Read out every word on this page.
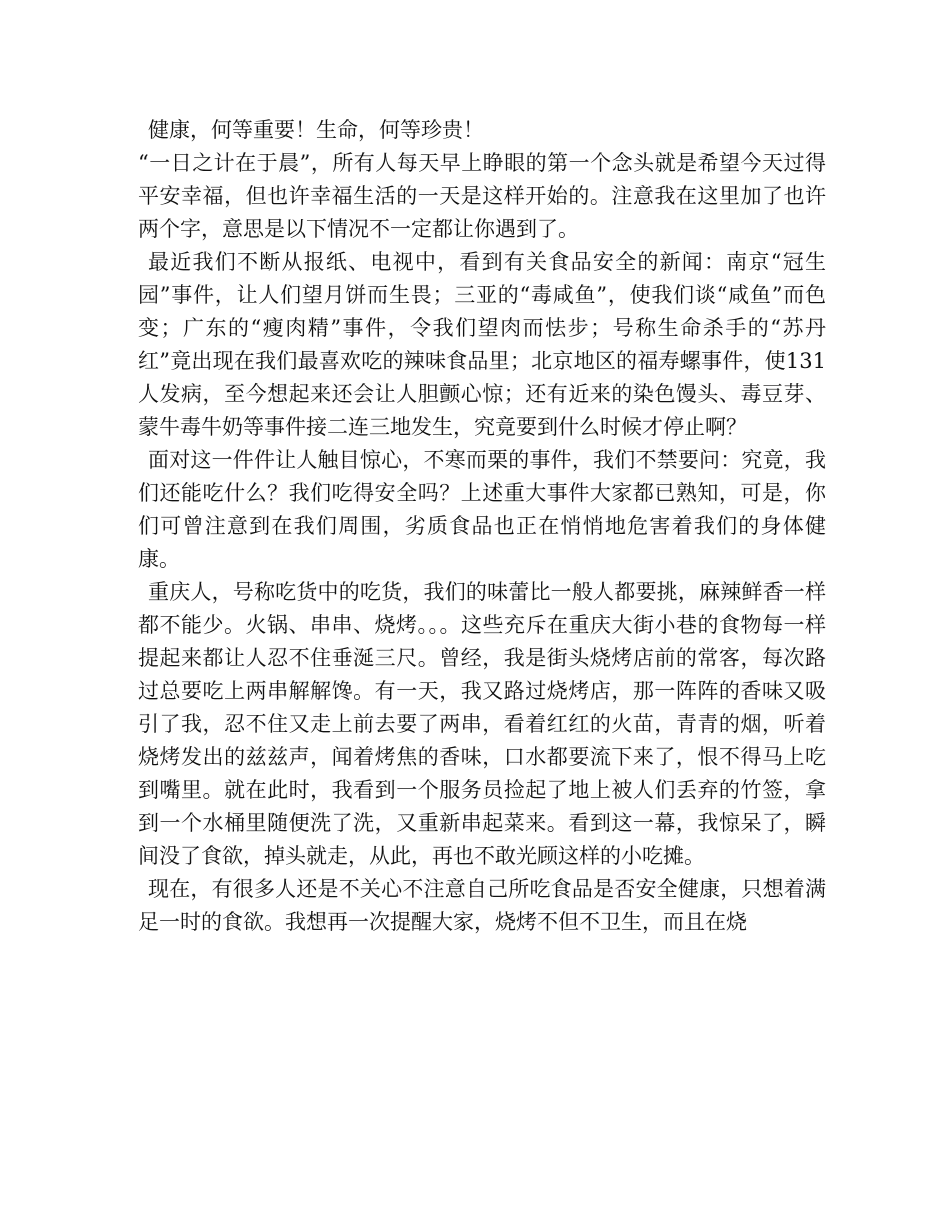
健康，何等重要！生命，何等珍贵！

“一日之计在于晨”，所有人每天早上睁眼的第一个念头就是希望今天过得平安幸福，但也许幸福生活的一天是这样开始的。注意我在这里加了也许两个字，意思是以下情况不一定都让你遇到了。

最近我们不断从报纸、电视中，看到有关食品安全的新闻：南京“冠生园”事件，让人们望月饼而生畏；三亚的“毒咸鱼”，使我们谈“咸鱼”而色变；广东的“瘦肉精”事件，令我们望肉而怯步；号称生命杀手的“苏丹红”竟出现在我们最喜欢吃的辣味食品里；北京地区的福寿螺事件，使131人发病，至今想起来还会让人胆颤心惊；还有近来的染色馒头、毒豆芽、蒙牛毒牛奶等事件接二连三地发生，究竟要到什么时候才停止啊？

面对这一件件让人触目惊心，不寒而栗的事件，我们不禁要问：究竟，我们还能吃什么？我们吃得安全吗？上述重大事件大家都已熟知，可是，你们可曾注意到在我们周围，劣质食品也正在悄悄地危害着我们的身体健康。

重庆人，号称吃货中的吃货，我们的味蕾比一般人都要挑，麻辣鲜香一样都不能少。火锅、串串、烧烤。。。这些充斥在重庆大街小巷的食物每一样提起来都让人忍不住垂涎三尺。曾经，我是街头烧烤店前的常客，每次路过总要吃上两串解解馋。有一天，我又路过烧烤店，那一阵阵的香味又吸引了我，忍不住又走上前去要了两串，看着红红的火苗，青青的烟，听着烧烤发出的兹兹声，闻着烤焦的香味，口水都要流下来了，恨不得马上吃到嘴里。就在此时，我看到一个服务员捡起了地上被人们丢弃的竹签，拿到一个水桶里随便洗了洗，又重新串起菜来。看到这一幕，我惊呆了，瞬间没了食欲，掉头就走，从此，再也不敢光顾这样的小吃摊。

现在，有很多人还是不关心不注意自己所吃食品是否安全健康，只想着满足一时的食欲。我想再一次提醒大家，烧烤不但不卫生，而且在烧
